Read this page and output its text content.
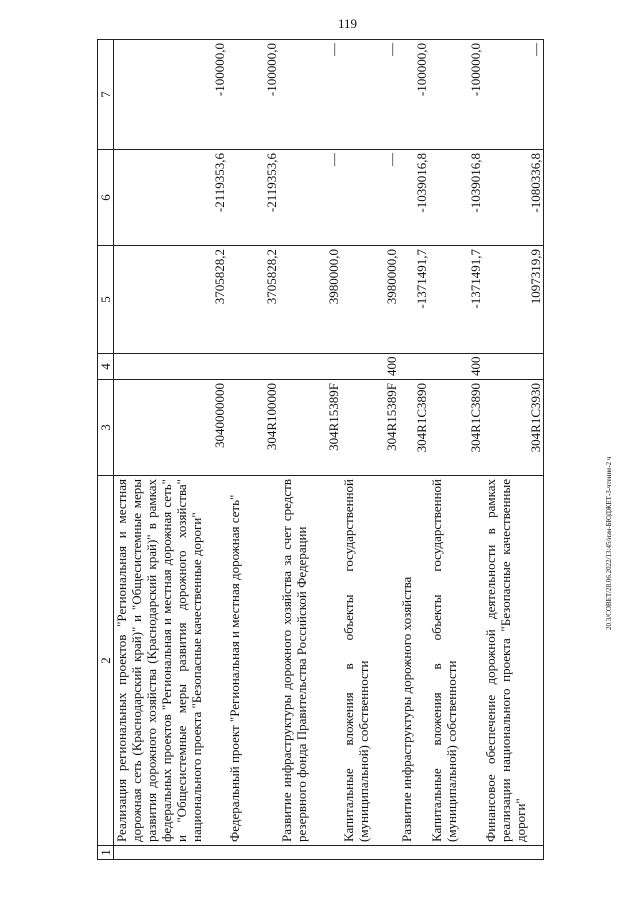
119
20.3/СОВЕТ/28.06.2022/13:45/изм-БЮДЖЕТ-3-чтение-2 ч
1	2	3	4	5	6	7
	Реализация региональных проектов "Региональная и местная дорожная сеть (Краснодарский край)" и "Общесистемные меры развития дорожного хозяйства (Краснодарский край)" в рамках федеральных проектов "Региональная и местная дорожная сеть" и "Общесистемные меры развития дорожного хозяйства" национального проекта "Безопасные качественные дороги"	3040000000		3705828,2	-2119353,6	-100000,0
	Федеральный проект "Региональная и местная дорожная сеть"	304R100000		3705828,2	-2119353,6	-100000,0
	Развитие инфраструктуры дорожного хозяйства за счет средств резервного фонда Правительства Российской Федерации	304R15389F		3980000,0	—	—
	Капитальные вложения в объекты государственной (муниципальной) собственности	304R15389F	400	3980000,0	—	—
	Развитие инфраструктуры дорожного хозяйства	304R1C3890		-1371491,7	-1039016,8	-100000,0
	Капитальные вложения в объекты государственной (муниципальной) собственности	304R1C3890	400	-1371491,7	-1039016,8	-100000,0
	Финансовое обеспечение дорожной деятельности в рамках реализации национального проекта "Безопасные качественные дороги"	304R1C3930		1097319,9	-1080336,8	—
